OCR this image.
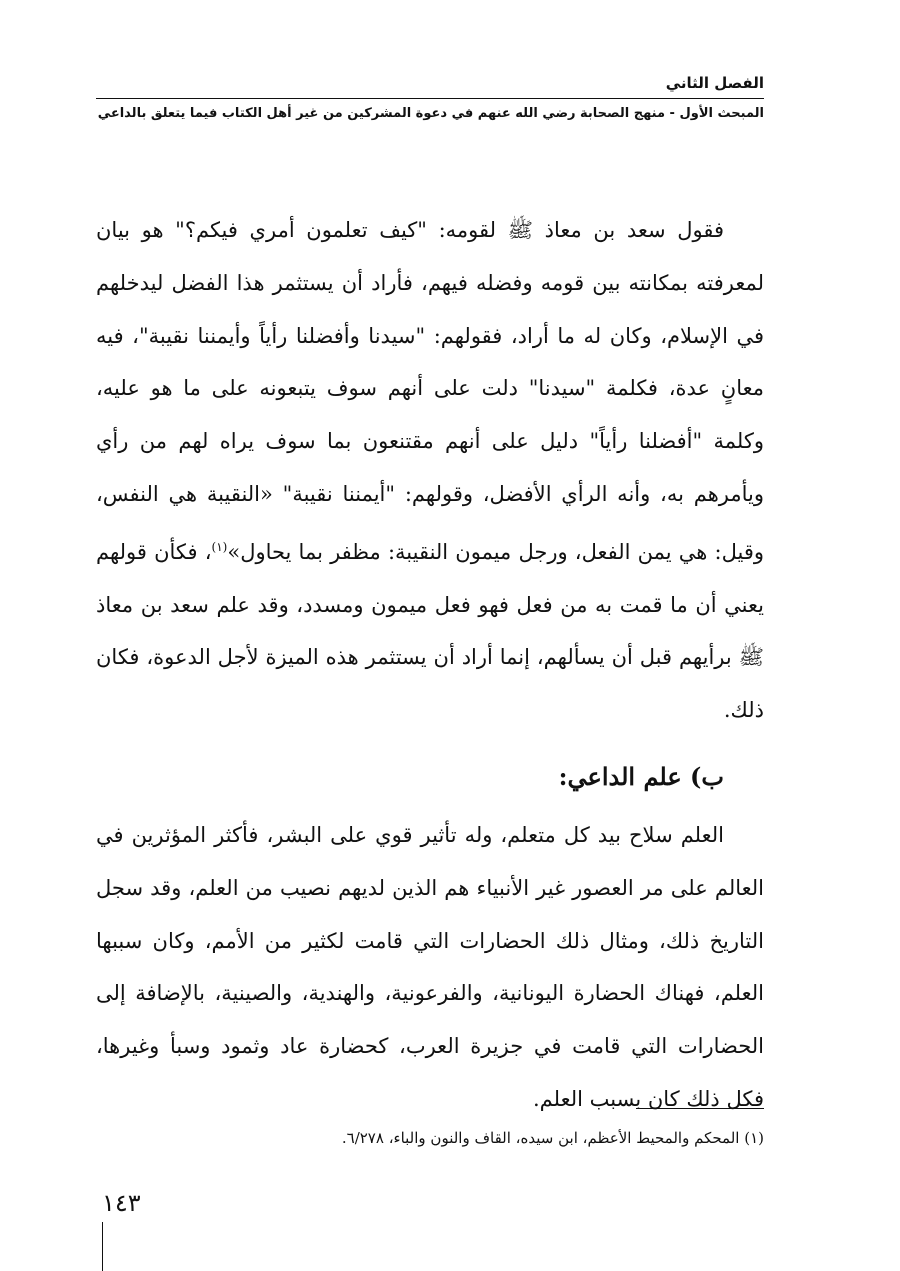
الفصل الثاني
المبحث الأول - منهج الصحابة رضي الله عنهم في دعوة المشركين من غير أهل الكتاب فيما يتعلق بالداعي

فقول سعد بن معاذ ﷺ لقومه: "كيف تعلمون أمري فيكم؟" هو بيان لمعرفته بمكانته بين قومه وفضله فيهم، فأراد أن يستثمر هذا الفضل ليدخلهم في الإسلام، وكان له ما أراد، فقولهم: "سيدنا وأفضلنا رأياً وأيمننا نقيبة"، فيه معانٍ عدة، فكلمة "سيدنا" دلت على أنهم سوف يتبعونه على ما هو عليه، وكلمة "أفضلنا رأياً" دليل على أنهم مقتنعون بما سوف يراه لهم من رأي ويأمرهم به، وأنه الرأي الأفضل، وقولهم: "أيمننا نقيبة" «النقيبة هي النفس، وقيل: هي يمن الفعل، ورجل ميمون النقيبة: مظفر بما يحاول»$^{(١)}$، فكأن قولهم يعني أن ما قمت به من فعل فهو فعل ميمون ومسدد، وقد علم سعد بن معاذ ﷺ برأيهم قبل أن يسألهم، إنما أراد أن يستثمر هذه الميزة لأجل الدعوة، فكان ذلك.

ب) علم الداعي:

العلم سلاح بيد كل متعلم، وله تأثير قوي على البشر، فأكثر المؤثرين في العالم على مر العصور غير الأنبياء هم الذين لديهم نصيب من العلم، وقد سجل التاريخ ذلك، ومثال ذلك الحضارات التي قامت لكثير من الأمم، وكان سببها العلم، فهناك الحضارة اليونانية، والفرعونية، والهندية، والصينية، بالإضافة إلى الحضارات التي قامت في جزيرة العرب، كحضارة عاد وثمود وسبأ وغيرها، فكل ذلك كان بسبب العلم.

(١) المحكم والمحيط الأعظم، ابن سيده، القاف والنون والباء، ٦/٢٧٨.
١٤٣
